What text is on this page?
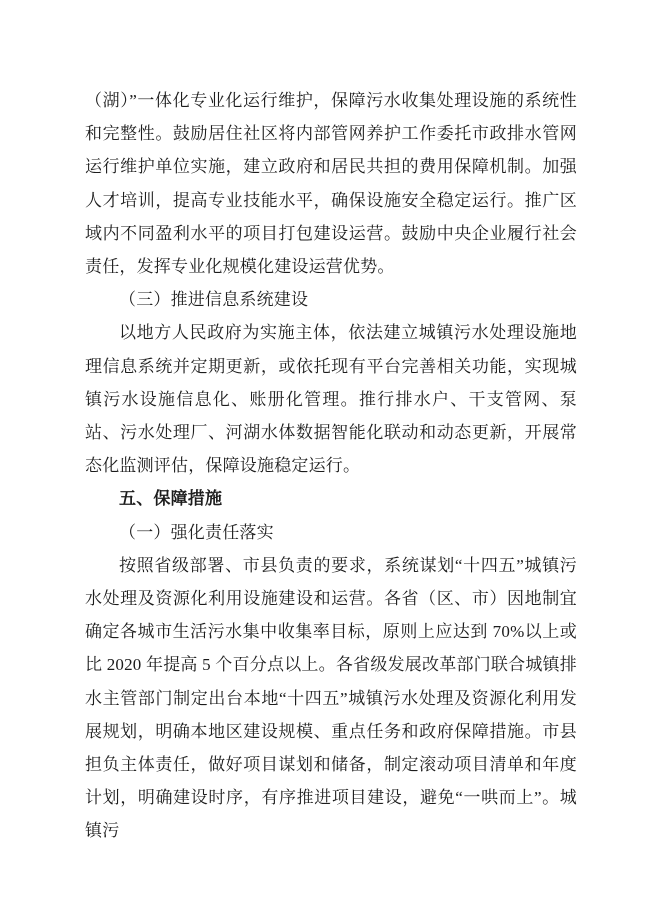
（湖）”一体化专业化运行维护，保障污水收集处理设施的系统性和完整性。鼓励居住社区将内部管网养护工作委托市政排水管网运行维护单位实施，建立政府和居民共担的费用保障机制。加强人才培训，提高专业技能水平，确保设施安全稳定运行。推广区域内不同盈利水平的项目打包建设运营。鼓励中央企业履行社会责任，发挥专业化规模化建设运营优势。

（三）推进信息系统建设

以地方人民政府为实施主体，依法建立城镇污水处理设施地理信息系统并定期更新，或依托现有平台完善相关功能，实现城镇污水设施信息化、账册化管理。推行排水户、干支管网、泵站、污水处理厂、河湖水体数据智能化联动和动态更新，开展常态化监测评估，保障设施稳定运行。

五、保障措施

（一）强化责任落实

按照省级部署、市县负责的要求，系统谋划“十四五”城镇污水处理及资源化利用设施建设和运营。各省（区、市）因地制宜确定各城市生活污水集中收集率目标，原则上应达到 70%以上或比 2020 年提高 5 个百分点以上。各省级发展改革部门联合城镇排水主管部门制定出台本地“十四五”城镇污水处理及资源化利用发展规划，明确本地区建设规模、重点任务和政府保障措施。市县担负主体责任，做好项目谋划和储备，制定滚动项目清单和年度计划，明确建设时序，有序推进项目建设，避免“一哄而上”。城镇污
